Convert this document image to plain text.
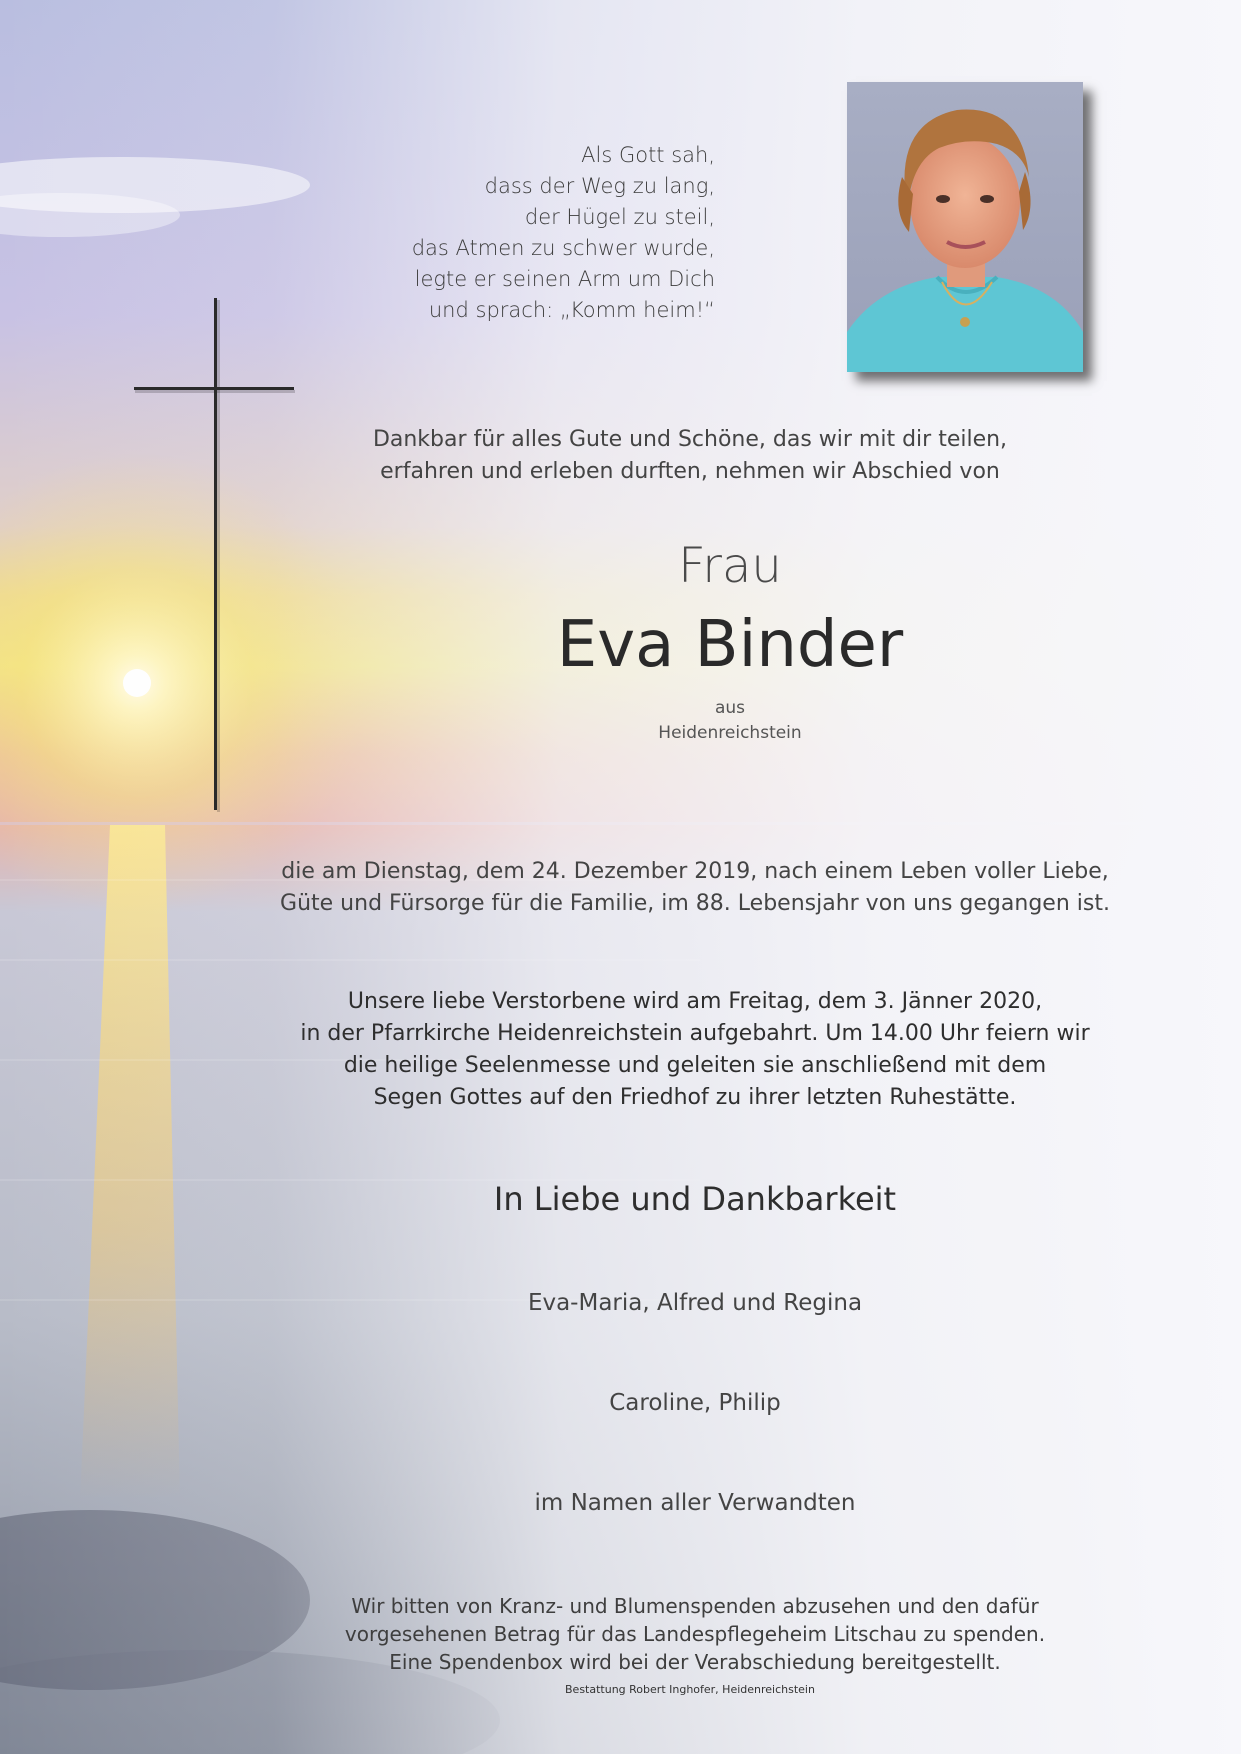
Als Gott sah,
dass der Weg zu lang,
der Hügel zu steil,
das Atmen zu schwer wurde,
legte er seinen Arm um Dich
und sprach: „Komm heim!“
Dankbar für alles Gute und Schöne, das wir mit dir teilen,
erfahren und erleben durften, nehmen wir Abschied von
Frau
Eva Binder
aus
Heidenreichstein
die am Dienstag, dem 24. Dezember 2019, nach einem Leben voller Liebe,
Güte und Fürsorge für die Familie, im 88. Lebensjahr von uns gegangen ist.
Unsere liebe Verstorbene wird am Freitag, dem 3. Jänner 2020,
in der Pfarrkirche Heidenreichstein aufgebahrt. Um 14.00 Uhr feiern wir
die heilige Seelenmesse und geleiten sie anschließend mit dem
Segen Gottes auf den Friedhof zu ihrer letzten Ruhestätte.
In Liebe und Dankbarkeit
Eva-Maria, Alfred und Regina
Caroline, Philip
im Namen aller Verwandten
Wir bitten von Kranz- und Blumenspenden abzusehen und den dafür
vorgesehenen Betrag für das Landespflegeheim Litschau zu spenden.
Eine Spendenbox wird bei der Verabschiedung bereitgestellt.
Bestattung Robert Inghofer, Heidenreichstein
